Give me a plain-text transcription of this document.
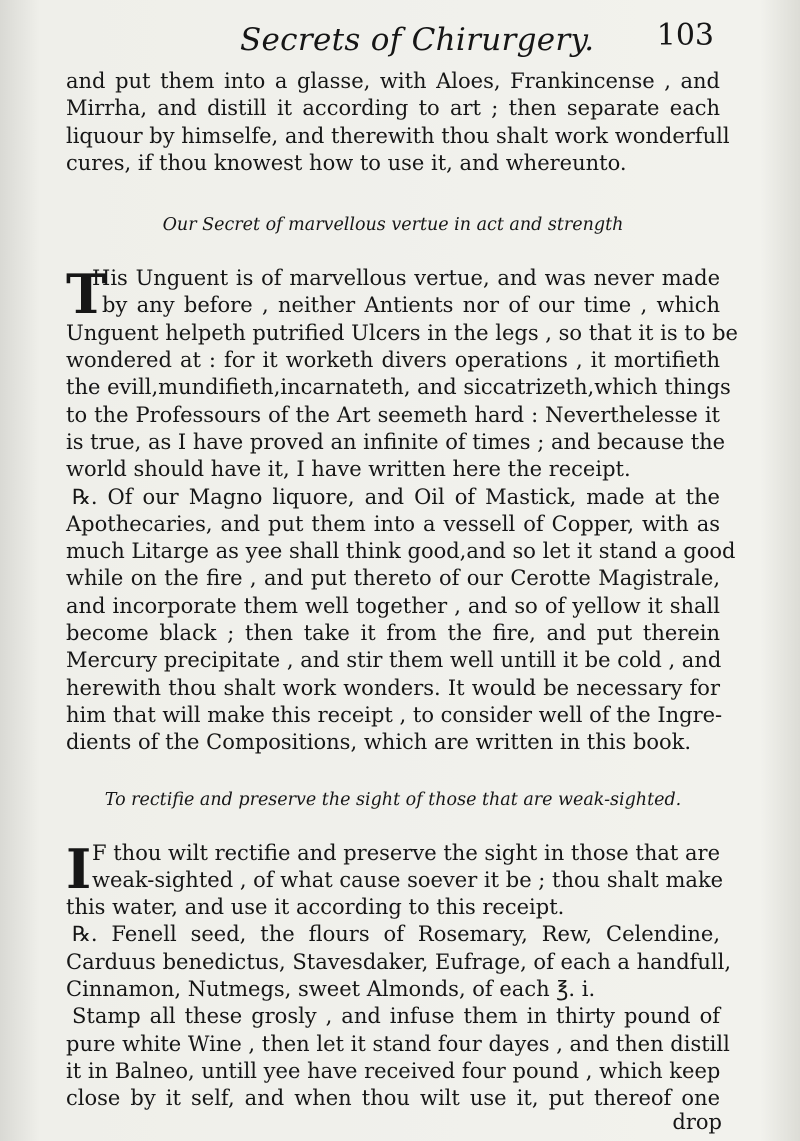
Secrets of Chirurgery. 103
and put them into a glasse, with Aloes, Frankincense , and
Mirrha, and distill it according to art ; then separate each
liquour by himselfe, and therewith thou shalt work wonderfull
cures, if thou knowest how to use it, and whereunto.
Our Secret of marvellous vertue in act and strength
T
His Unguent is of marvellous vertue, and was never made
by any before , neither Antients nor of our time , which
Unguent helpeth putrified Ulcers in the legs , so that it is to be
wondered at : for it worketh divers operations , it mortifieth
the evill,mundifieth,incarnateth, and siccatrizeth,which things
to the Professours of the Art seemeth hard : Neverthelesse it
is true, as I have proved an infinite of times ; and because the
world should have it, I have written here the receipt.
℞. Of our Magno liquore, and Oil of Mastick, made at the
Apothecaries, and put them into a vessell of Copper, with as
much Litarge as yee shall think good,and so let it stand a good
while on the fire , and put thereto of our Cerotte Magistrale,
and incorporate them well together , and so of yellow it shall
become black ; then take it from the fire, and put therein
Mercury precipitate , and stir them well untill it be cold , and
herewith thou shalt work wonders. It would be necessary for
him that will make this receipt , to consider well of the Ingre-
dients of the Compositions, which are written in this book.
To rectifie and preserve the sight of those that are weak-sighted.
I F thou wilt rectifie and preserve the sight in those that are
weak-sighted , of what cause soever it be ; thou shalt make
this water, and use it according to this receipt.
℞. Fenell seed, the flours of Rosemary, Rew, Celendine,
Carduus benedictus, Stavesdaker, Eufrage, of each a handfull,
Cinnamon, Nutmegs, sweet Almonds, of each ℥. i.
Stamp all these grosly , and infuse them in thirty pound of
pure white Wine , then let it stand four dayes , and then distill
it in Balneo, untill yee have received four pound , which keep
close by it self, and when thou wilt use it, put thereof one
drop
